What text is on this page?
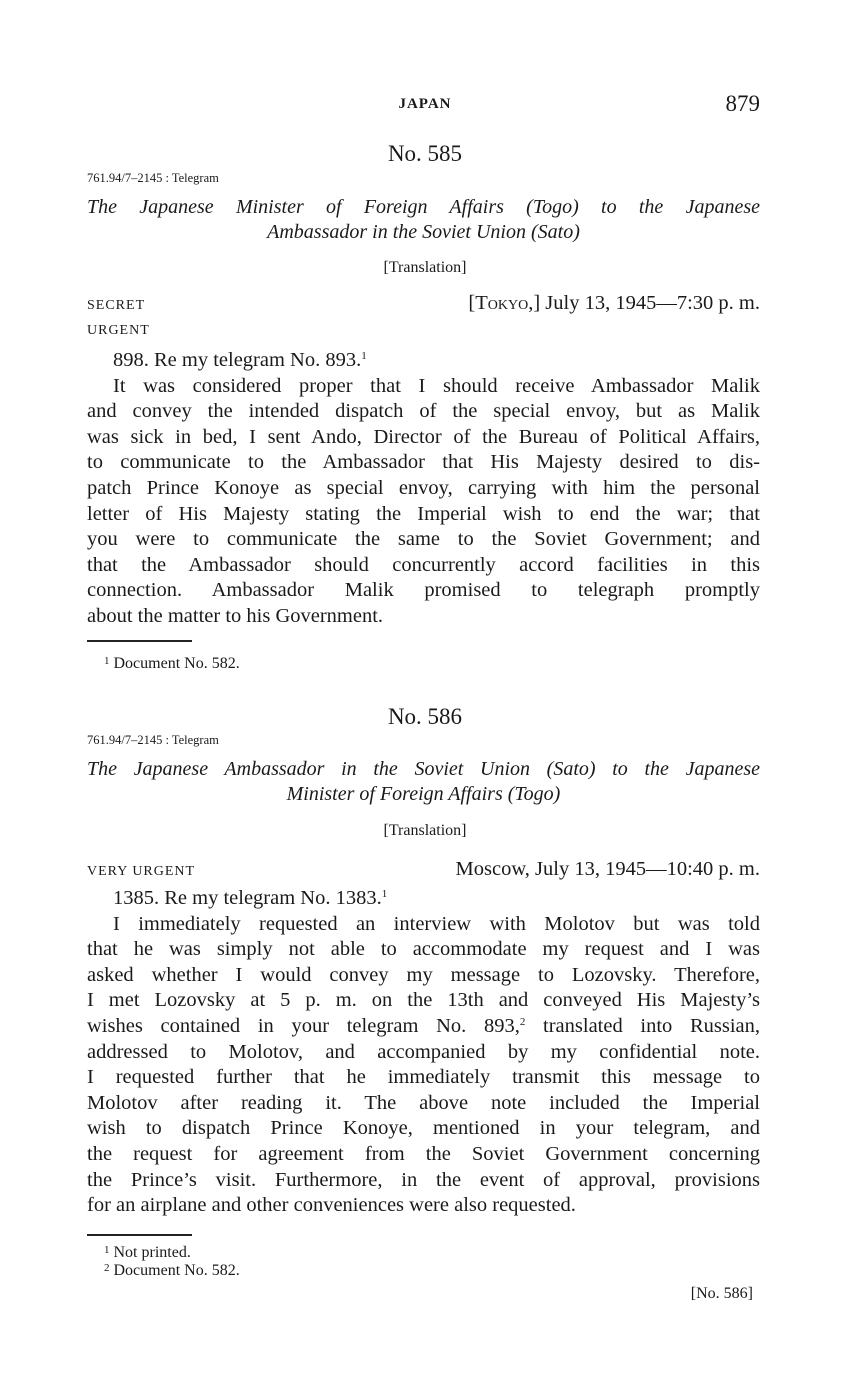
JAPAN	879
No. 585
761.94/7–2145 : Telegram
The Japanese Minister of Foreign Affairs (Togo) to the Japanese
Ambassador in the Soviet Union (Sato)
[Translation]
SECRET
URGENT
[Tokyo,] July 13, 1945—7:30 p. m.
898. Re my telegram No. 893.$^1$
It was considered proper that I should receive Ambassador Malik
and convey the intended dispatch of the special envoy, but as Malik
was sick in bed, I sent Ando, Director of the Bureau of Political Affairs,
to communicate to the Ambassador that His Majesty desired to dis-
patch Prince Konoye as special envoy, carrying with him the personal
letter of His Majesty stating the Imperial wish to end the war; that
you were to communicate the same to the Soviet Government; and
that the Ambassador should concurrently accord facilities in this
connection. Ambassador Malik promised to telegraph promptly
about the matter to his Government.
$^1$ Document No. 582.
No. 586
761.94/7–2145 : Telegram
The Japanese Ambassador in the Soviet Union (Sato) to the Japanese
Minister of Foreign Affairs (Togo)
[Translation]
VERY URGENT	Moscow, July 13, 1945—10:40 p. m.
1385. Re my telegram No. 1383.$^1$
I immediately requested an interview with Molotov but was told
that he was simply not able to accommodate my request and I was
asked whether I would convey my message to Lozovsky. Therefore,
I met Lozovsky at 5 p. m. on the 13th and conveyed His Majesty’s
wishes contained in your telegram No. 893,$^2$ translated into Russian,
addressed to Molotov, and accompanied by my confidential note.
I requested further that he immediately transmit this message to
Molotov after reading it. The above note included the Imperial
wish to dispatch Prince Konoye, mentioned in your telegram, and
the request for agreement from the Soviet Government concerning
the Prince’s visit. Furthermore, in the event of approval, provisions
for an airplane and other conveniences were also requested.
$^1$ Not printed.
$^2$ Document No. 582.
[No. 586]
